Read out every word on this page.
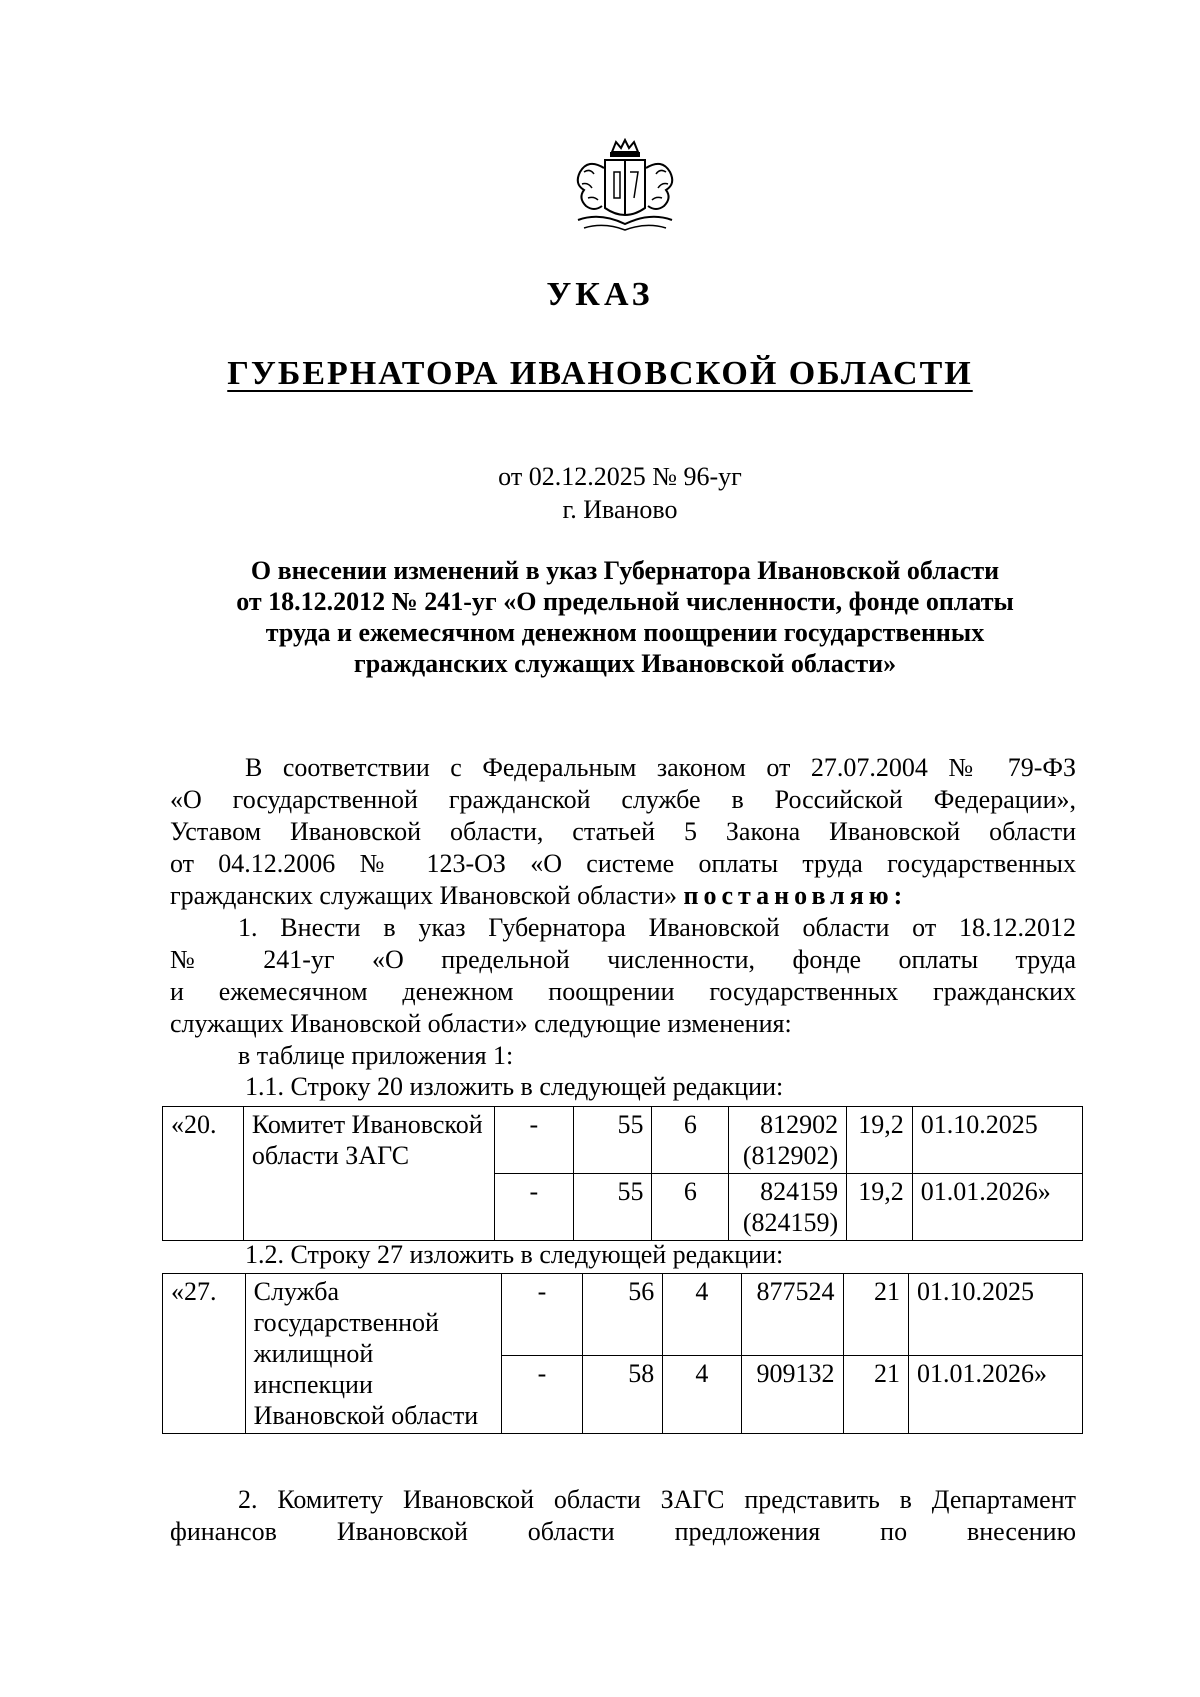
УКАЗ
ГУБЕРНАТОРА ИВАНОВСКОЙ ОБЛАСТИ
от 02.12.2025 № 96-уг
г. Иваново
О внесении изменений в указ Губернатора Ивановской области
от 18.12.2012 № 241-уг «О предельной численности, фонде оплаты
труда и ежемесячном денежном поощрении государственных
гражданских служащих Ивановской области»
В соответствии с Федеральным законом от 27.07.2004 № 79-ФЗ
«О государственной гражданской службе в Российской Федерации»,
Уставом Ивановской области, статьей 5 Закона Ивановской области
от 04.12.2006 № 123-ОЗ «О системе оплаты труда государственных
гражданских служащих Ивановской области» постановляю:
1. Внести в указ Губернатора Ивановской области от 18.12.2012
№ 241-уг «О предельной численности, фонде оплаты труда
и ежемесячном денежном поощрении государственных гражданских
служащих Ивановской области» следующие изменения:
в таблице приложения 1:
1.1. Строку 20 изложить в следующей редакции:
«20.	Комитет Ивановской области ЗАГС	-	55	6	812902 (812902)	19,2	01.10.2025
		-	55	6	824159 (824159)	19,2	01.01.2026»
1.2. Строку 27 изложить в следующей редакции:
«27.	Служба государственной жилищной инспекции Ивановской области	-	56	4	877524	21	01.10.2025
		-	58	4	909132	21	01.01.2026»
2. Комитету Ивановской области ЗАГС представить в Департамент
финансов Ивановской области предложения по внесению
